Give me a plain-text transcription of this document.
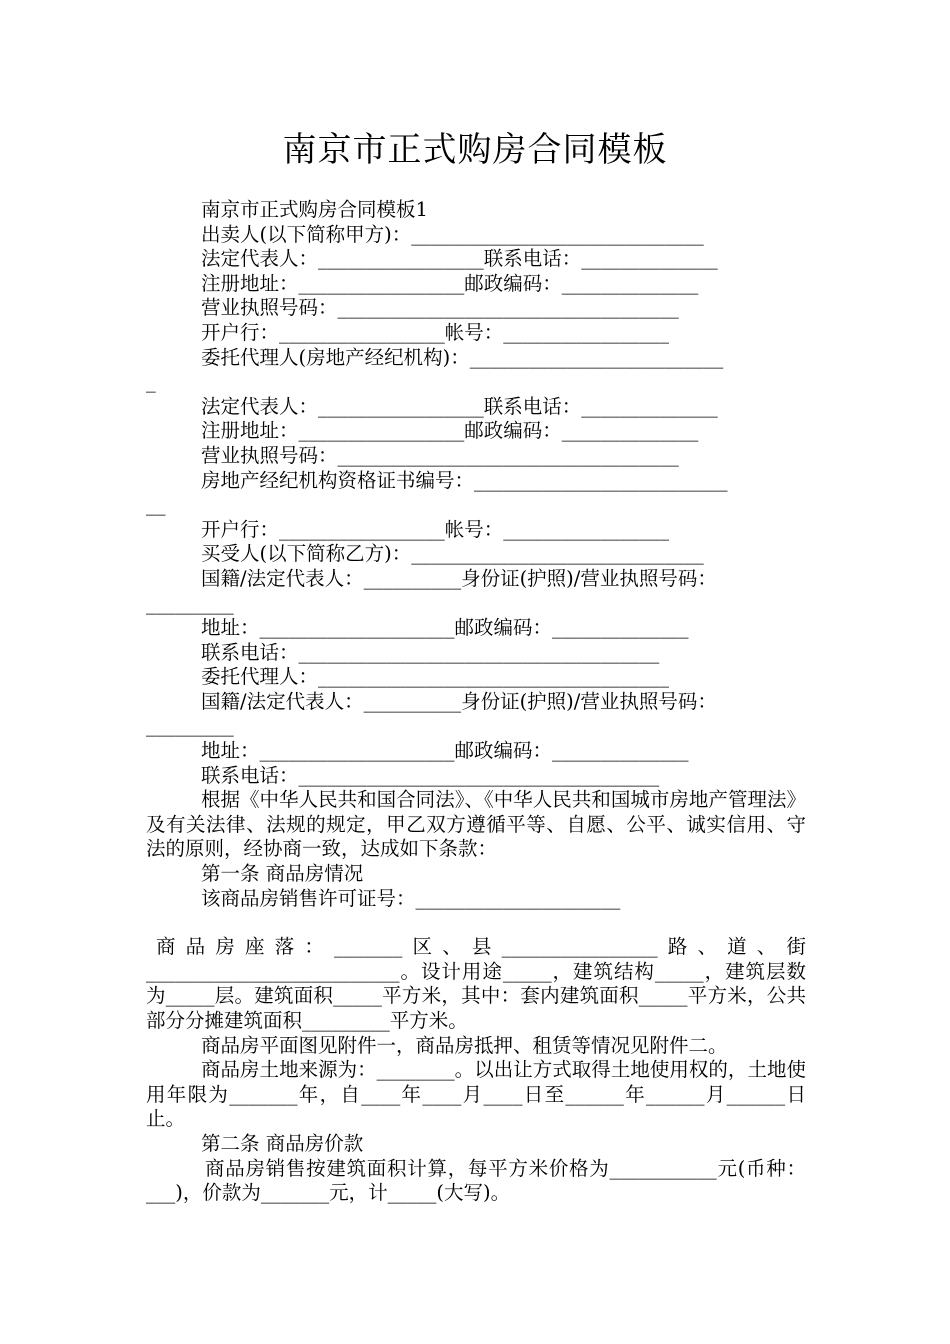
南京市正式购房合同模板
南京市正式购房合同模板1
出卖人(以下简称甲方)：______________________________
法定代表人：_________________联系电话：______________
注册地址：_________________邮政编码：______________
营业执照号码：___________________________________
开户行：_________________帐号：_________________
委托代理人(房地产经纪机构)：__________________________
_
法定代表人：_________________联系电话：______________
注册地址：_________________邮政编码：______________
营业执照号码：___________________________________
房地产经纪机构资格证书编号：__________________________
__
开户行：_________________帐号：_________________
买受人(以下简称乙方)：______________________________
国籍/法定代表人：__________身份证(护照)/营业执照号码：
_________
地址：____________________邮政编码：______________
联系电话：_____________________________________
委托代理人：____________________________________
国籍/法定代表人：__________身份证(护照)/营业执照号码：
_________
地址：____________________邮政编码：______________
联系电话：_____________________________________
根据《中华人民共和国合同法》、《中华人民共和国城市房地产管理法》及有关法律、法规的规定，甲乙双方遵循平等、自愿、公平、诚实信用、守法的原则，经协商一致，达成如下条款：
第一条 商品房情况
该商品房销售许可证号：_____________________
商品房座落：_______区、县________________路、道、街__________________________。设计用途_____，建筑结构_____，建筑层数为_____层。建筑面积_____平方米，其中：套内建筑面积_____平方米，公共部分分摊建筑面积_________平方米。
商品房平面图见附件一，商品房抵押、租赁等情况见附件二。
商品房土地来源为：________。以出让方式取得土地使用权的，土地使用年限为_______年，自____年____月____日至______年______月______日止。
第二条 商品房价款
商品房销售按建筑面积计算，每平方米价格为___________元(币种：___)，价款为_______元，计_____(大写)。
